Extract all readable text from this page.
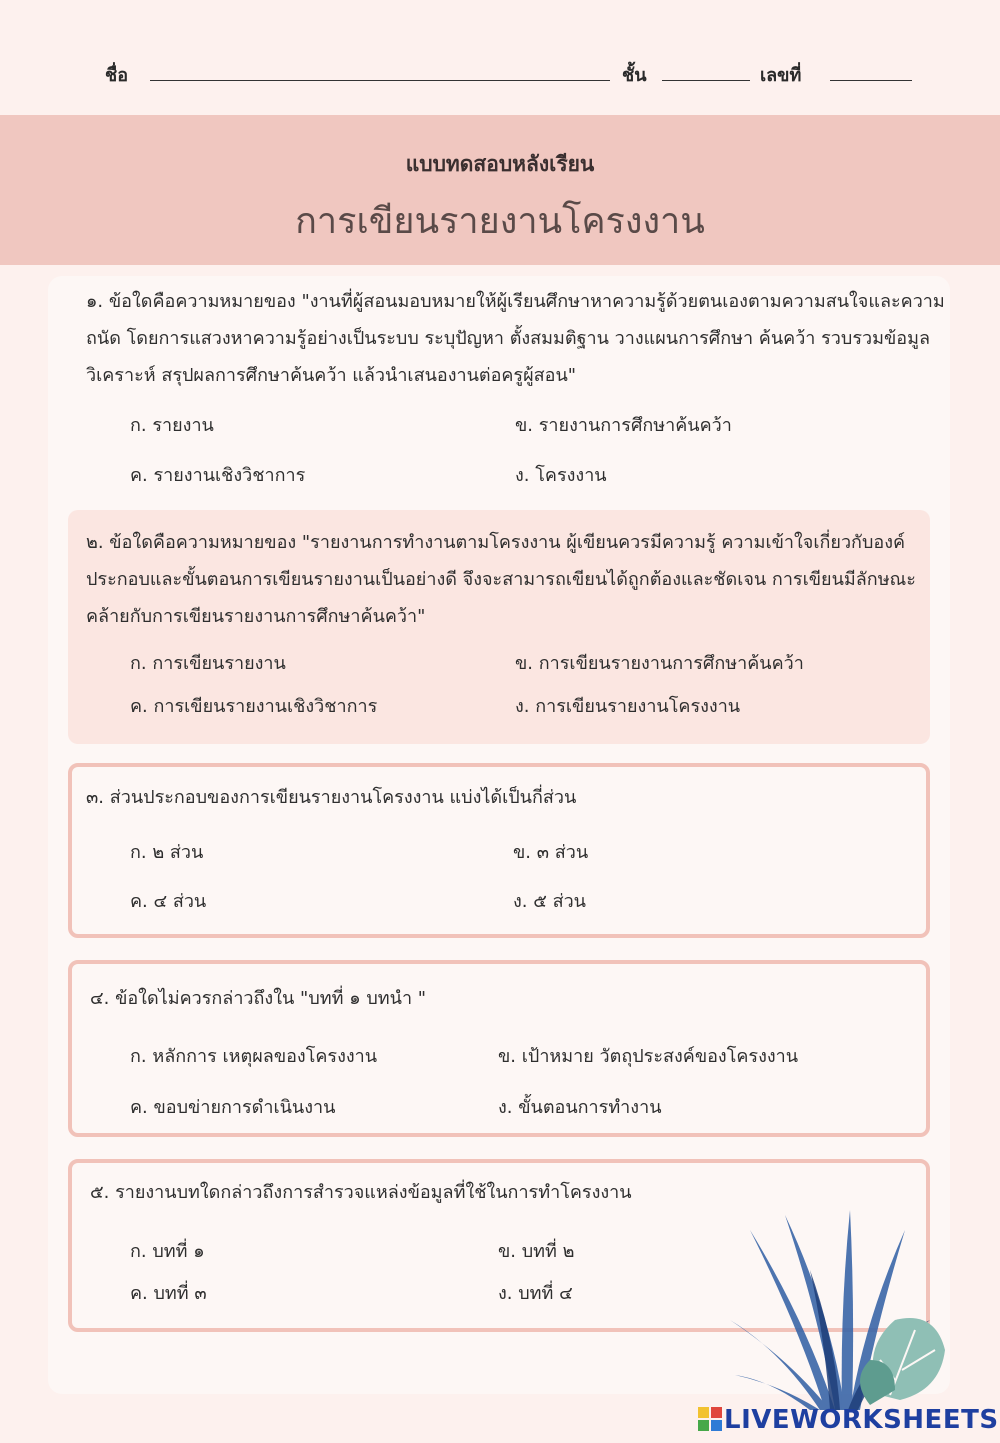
ชื่อ	ชั้น	เลขที่
แบบทดสอบหลังเรียน
การเขียนรายงานโครงงาน
๑. ข้อใดคือความหมายของ "งานที่ผู้สอนมอบหมายให้ผู้เรียนศึกษาหาความรู้ด้วยตนเองตามความสนใจและความถนัด โดยการแสวงหาความรู้อย่างเป็นระบบ ระบุปัญหา ตั้งสมมติฐาน วางแผนการศึกษา ค้นคว้า รวบรวมข้อมูล วิเคราะห์ สรุปผลการศึกษาค้นคว้า แล้วนำเสนองานต่อครูผู้สอน"
ก. รายงาน	ข. รายงานการศึกษาค้นคว้า
ค. รายงานเชิงวิชาการ	ง. โครงงาน
๒. ข้อใดคือความหมายของ "รายงานการทำงานตามโครงงาน ผู้เขียนควรมีความรู้ ความเข้าใจเกี่ยวกับองค์ประกอบและขั้นตอนการเขียนรายงานเป็นอย่างดี จึงจะสามารถเขียนได้ถูกต้องและชัดเจน การเขียนมีลักษณะคล้ายกับการเขียนรายงานการศึกษาค้นคว้า"
ก. การเขียนรายงาน	ข. การเขียนรายงานการศึกษาค้นคว้า
ค. การเขียนรายงานเชิงวิชาการ	ง. การเขียนรายงานโครงงาน
๓. ส่วนประกอบของการเขียนรายงานโครงงาน แบ่งได้เป็นกี่ส่วน
ก. ๒ ส่วน	ข. ๓ ส่วน
ค. ๔ ส่วน	ง. ๕ ส่วน
๔. ข้อใดไม่ควรกล่าวถึงใน "บทที่ ๑ บทนำ "
ก. หลักการ เหตุผลของโครงงาน	ข. เป้าหมาย วัตถุประสงค์ของโครงงาน
ค. ขอบข่ายการดำเนินงาน	ง. ขั้นตอนการทำงาน
๕. รายงานบทใดกล่าวถึงการสำรวจแหล่งข้อมูลที่ใช้ในการทำโครงงาน
ก. บทที่ ๑	ข. บทที่ ๒
ค. บทที่ ๓	ง. บทที่ ๔
LIVEWORKSHEETS
